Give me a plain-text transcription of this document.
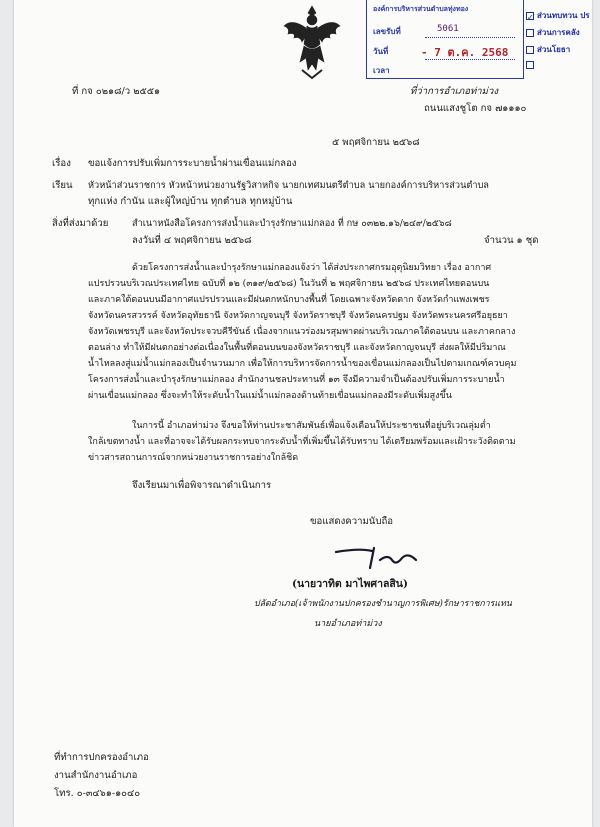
องค์การบริหารส่วนตำบลทุ่งทอง
เลขรับที่	5061
วันที่	- 7 ต.ค. 2568
เวลา
✓ ส่วนทบทวน ปร
ส่วนการคลัง
ส่วนโยธา
ที่ กจ ๐๒๑๘/ว ๒๕๕๑	ที่ว่าการอำเภอท่าม่วง
ถนนแสงชูโต กจ ๗๑๑๑๐
๕ พฤศจิกายน ๒๕๖๘
เรื่อง ขอแจ้งการปรับเพิ่มการระบายน้ำผ่านเขื่อนแม่กลอง
เรียน หัวหน้าส่วนราชการ หัวหน้าหน่วยงานรัฐวิสาหกิจ นายกเทศมนตรีตำบล นายกองค์การบริหารส่วนตำบล
ทุกแห่ง กำนัน และผู้ใหญ่บ้าน ทุกตำบล ทุกหมู่บ้าน
สิ่งที่ส่งมาด้วย	สำเนาหนังสือโครงการส่งน้ำและบำรุงรักษาแม่กลอง ที่ กษ ๐๓๒๒.๑๖/๒๔๙/๒๕๖๘
ลงวันที่ ๔ พฤศจิกายน ๒๕๖๘	จำนวน ๑ ชุด
ด้วยโครงการส่งน้ำและบำรุงรักษาแม่กลองแจ้งว่า ได้ส่งประกาศกรมอุตุนิยมวิทยา เรื่อง อากาศ
แปรปรวนบริเวณประเทศไทย ฉบับที่ ๑๒ (๓๑๙/๒๕๖๘) ในวันที่ ๒ พฤศจิกายน ๒๕๖๘ ประเทศไทยตอนบน
และภาคใต้ตอนบนมีอากาศแปรปรวนและมีฝนตกหนักบางพื้นที่ โดยเฉพาะจังหวัดตาก จังหวัดกำแพงเพชร
จังหวัดนครสวรรค์ จังหวัดอุทัยธานี จังหวัดกาญจนบุรี จังหวัดราชบุรี จังหวัดนครปฐม จังหวัดพระนครศรีอยุธยา
จังหวัดเพชรบุรี และจังหวัดประจวบคีรีขันธ์ เนื่องจากแนวร่องมรสุมพาดผ่านบริเวณภาคใต้ตอนบน และภาคกลาง
ตอนล่าง ทำให้มีฝนตกอย่างต่อเนื่องในพื้นที่ตอนบนของจังหวัดราชบุรี และจังหวัดกาญจนบุรี ส่งผลให้มีปริมาณ
น้ำไหลลงสู่แม่น้ำแม่กลองเป็นจำนวนมาก เพื่อให้การบริหารจัดการน้ำของเขื่อนแม่กลองเป็นไปตามเกณฑ์ควบคุม
โครงการส่งน้ำและบำรุงรักษาแม่กลอง สำนักงานชลประทานที่ ๑๓ จึงมีความจำเป็นต้องปรับเพิ่มการระบายน้ำ
ผ่านเขื่อนแม่กลอง ซึ่งจะทำให้ระดับน้ำในแม่น้ำแม่กลองด้านท้ายเขื่อนแม่กลองมีระดับเพิ่มสูงขึ้น
ในการนี้ อำเภอท่าม่วง จึงขอให้ท่านประชาสัมพันธ์เพื่อแจ้งเตือนให้ประชาชนที่อยู่บริเวณลุ่มต่ำ
ใกล้เขตทางน้ำ และที่อาจจะได้รับผลกระทบจากระดับน้ำที่เพิ่มขึ้นได้รับทราบ ได้เตรียมพร้อมและเฝ้าระวังติดตาม
ข่าวสารสถานการณ์จากหน่วยงานราชการอย่างใกล้ชิด
จึงเรียนมาเพื่อพิจารณาดำเนินการ
ขอแสดงความนับถือ
(นายวาทิต มาไพศาลสิน)
ปลัดอำเภอ(เจ้าพนักงานปกครองชำนาญการพิเศษ)รักษาราชการแทน
นายอำเภอท่าม่วง
ที่ทำการปกครองอำเภอ
งานสำนักงานอำเภอ
โทร. ๐-๓๔๖๑-๑๐๔๐
